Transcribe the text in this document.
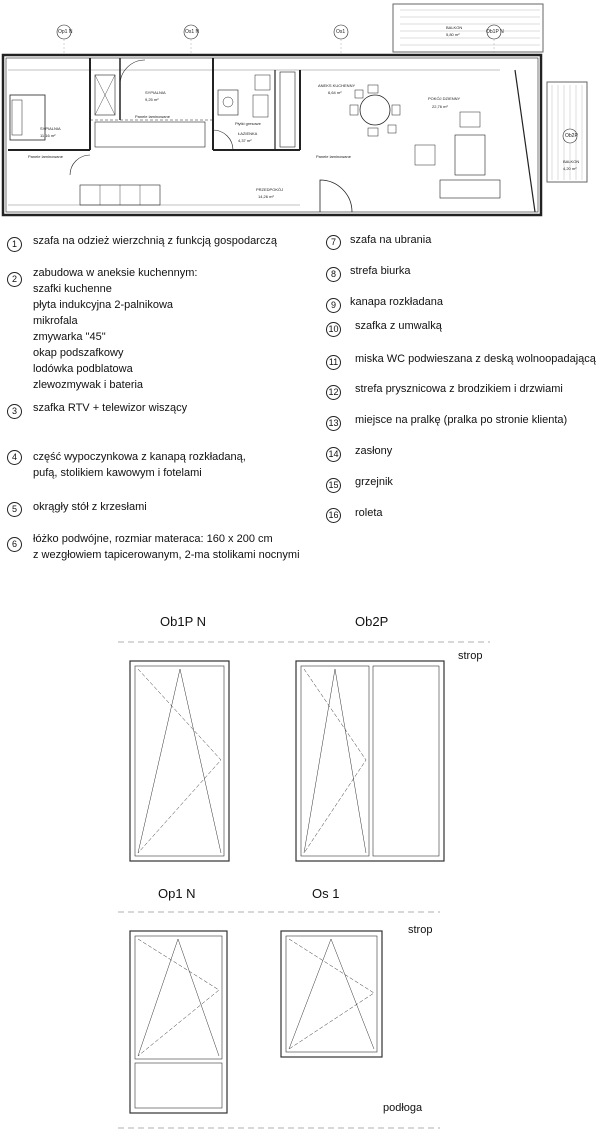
Op1 N	Os1 N	Os1	Ob1P N
Ob2P
SYPIALNIA
9,25 m²
SYPIALNIA
11,16 m²
ANEKS KUCHENNY
6,64 m²
POKÓJ DZIENNY
22,76 m²
ŁAZIENKA
4,37 m²
PRZEDPOKÓJ
14,26 m²
BALKON
5,80 m²
BALKON
4,20 m²
Płytki gresowe
Panele laminowane
Panele laminowane	Panele laminowane
1	szafa na odzież wierzchnią z funkcją gospodarczą
2	zabudowa w aneksie kuchennym:
szafki kuchenne
płyta indukcyjna 2-palnikowa
mikrofala
zmywarka "45"
okap podszafkowy
lodówka podblatowa
zlewozmywak i bateria
3	szafka RTV + telewizor wiszący
4	część wypoczynkowa z kanapą rozkładaną,
pufą, stolikiem kawowym i fotelami
5	okrągły stół z krzesłami
6	łóżko podwójne, rozmiar materaca: 160 x 200 cm
z wezgłowiem tapicerowanym, 2-ma stolikami nocnymi
7	szafa na ubrania
8	strefa biurka
9	kanapa rozkładana
10 szafka z umwalką
11 miska WC podwieszana z deską wolnoopadającą
12 strefa prysznicowa z brodzikiem i drzwiami
13 miejsce na pralkę (pralka po stronie klienta)
14 zasłony
15 grzejnik
16 roleta
Ob1P N	Ob2P
strop
Op1 N	Os 1
strop
podłoga
